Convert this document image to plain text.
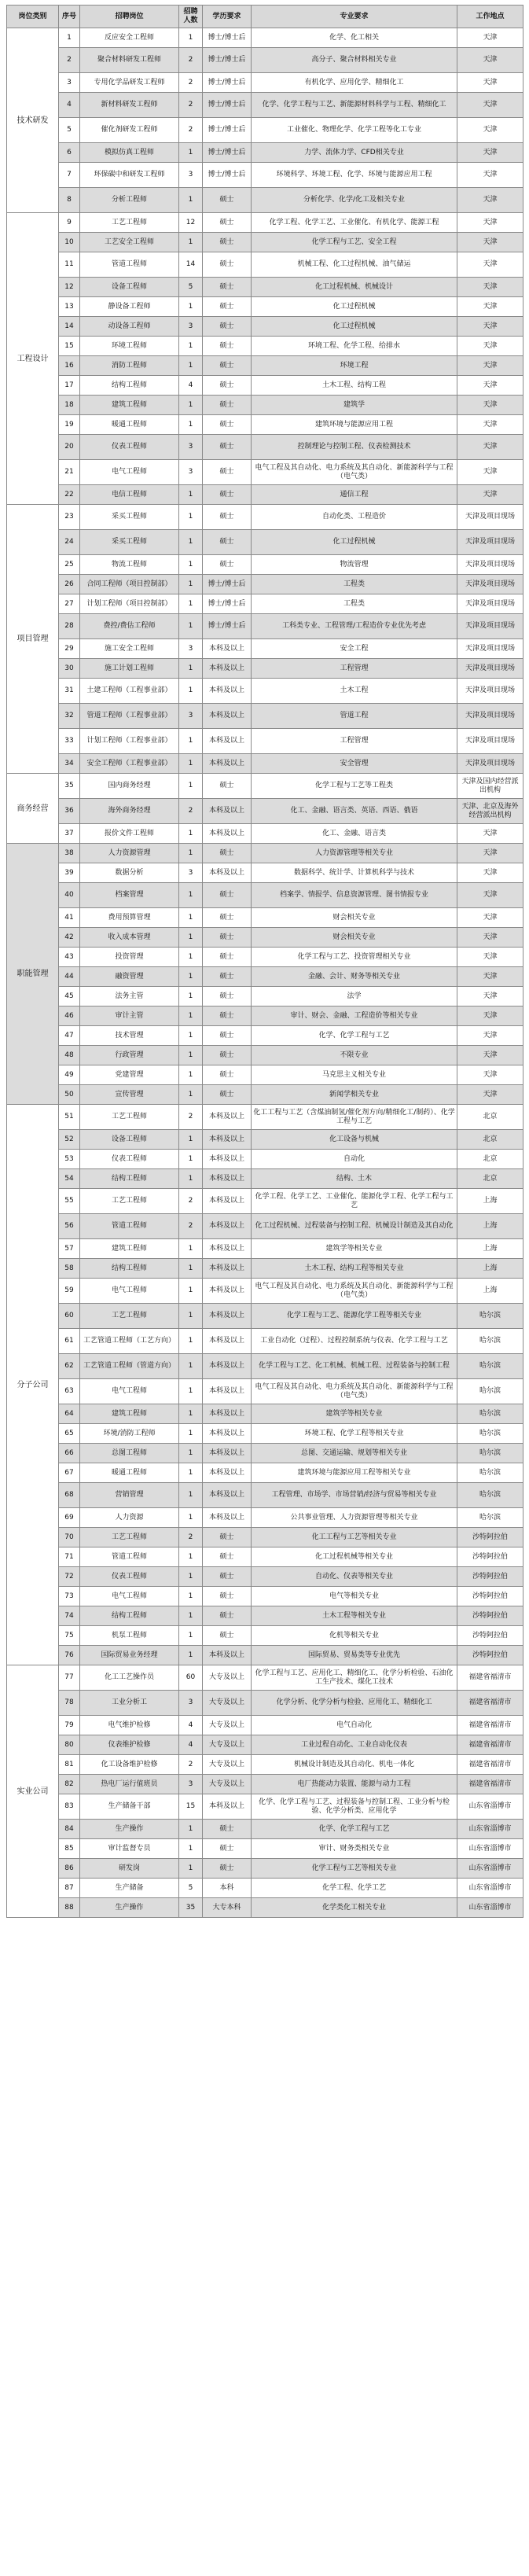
岗位类别	序号	招聘岗位	招聘人数	学历要求	专业要求	工作地点
技术研发	1	反应安全工程师	1	博士/博士后	化学、化工相关	天津
	2	聚合材料研发工程师	2	博士/博士后	高分子、聚合材料相关专业	天津
	3	专用化学品研发工程师	2	博士/博士后	有机化学、应用化学、精细化工	天津
	4	新材料研发工程师	2	博士/博士后	化学、化学工程与工艺、新能源材料科学与工程、精细化工	天津
	5	催化剂研发工程师	2	博士/博士后	工业催化、物理化学、化学工程等化工专业	天津
	6	模拟仿真工程师	1	博士/博士后	力学、流体力学、CFD相关专业	天津
	7	环保碳中和研发工程师	3	博士/博士后	环境科学、环境工程、化学、环境与能源应用工程	天津
	8	分析工程师	1	硕士	分析化学、化学/化工及相关专业	天津
工程设计	9	工艺工程师	12	硕士	化学工程、化学工艺、工业催化、有机化学、能源工程	天津
	10	工艺安全工程师	1	硕士	化学工程与工艺、安全工程	天津
	11	管道工程师	14	硕士	机械工程、化工过程机械、油气储运	天津
	12	设备工程师	5	硕士	化工过程机械、机械设计	天津
	13	静设备工程师	1	硕士	化工过程机械	天津
	14	动设备工程师	3	硕士	化工过程机械	天津
	15	环境工程师	1	硕士	环境工程、化学工程、给排水	天津
	16	消防工程师	1	硕士	环境工程	天津
	17	结构工程师	4	硕士	土木工程、结构工程	天津
	18	建筑工程师	1	硕士	建筑学	天津
	19	暖通工程师	1	硕士	建筑环境与能源应用工程	天津
	20	仪表工程师	3	硕士	控制理论与控制工程、仪表检测技术	天津
	21	电气工程师	3	硕士	电气工程及其自动化、电力系统及其自动化、新能源科学与工程（电气类）	天津
	22	电信工程师	1	硕士	通信工程	天津
项目管理	23	采买工程师	1	硕士	自动化类、工程造价	天津及项目现场
	24	采买工程师	1	硕士	化工过程机械	天津及项目现场
	25	物流工程师	1	硕士	物流管理	天津及项目现场
	26	合同工程师（项目控制部）	1	博士/博士后	工程类	天津及项目现场
	27	计划工程师（项目控制部）	1	博士/博士后	工程类	天津及项目现场
	28	费控/费估工程师	1	博士/博士后	工科类专业、工程管理/工程造价专业优先考虑	天津及项目现场
	29	施工安全工程师	3	本科及以上	安全工程	天津及项目现场
	30	施工计划工程师	1	本科及以上	工程管理	天津及项目现场
	31	土建工程师（工程事业部）	1	本科及以上	土木工程	天津及项目现场
	32	管道工程师（工程事业部）	3	本科及以上	管道工程	天津及项目现场
	33	计划工程师（工程事业部）	1	本科及以上	工程管理	天津及项目现场
	34	安全工程师（工程事业部）	1	本科及以上	安全管理	天津及项目现场
商务经营	35	国内商务经理	1	硕士	化学工程与工艺等工程类	天津及国内经营派出机构
	36	海外商务经理	2	本科及以上	化工、金融、语言类、英语、西语、俄语	天津、北京及海外经营派出机构
	37	报价文件工程师	1	本科及以上	化工、金融、语言类	天津
职能管理	38	人力资源管理	1	硕士	人力资源管理等相关专业	天津
	39	数据分析	3	本科及以上	数据科学、统计学、计算机科学与技术	天津
	40	档案管理	1	硕士	档案学、情报学、信息资源管理、图书情报专业	天津
	41	费用预算管理	1	硕士	财会相关专业	天津
	42	收入成本管理	1	硕士	财会相关专业	天津
	43	投资管理	1	硕士	化学工程与工艺、投资管理相关专业	天津
	44	融资管理	1	硕士	金融、会计、财务等相关专业	天津
	45	法务主管	1	硕士	法学	天津
	46	审计主管	1	硕士	审计、财会、金融、工程造价等相关专业	天津
	47	技术管理	1	硕士	化学、化学工程与工艺	天津
	48	行政管理	1	硕士	不限专业	天津
	49	党建管理	1	硕士	马克思主义相关专业	天津
	50	宣传管理	1	硕士	新闻学相关专业	天津
分子公司	51	工艺工程师	2	本科及以上	化工工程与工艺（含煤油制氢/催化剂方向/精细化工/制药）、化学工程与工艺	北京
	52	设备工程师	1	本科及以上	化工设备与机械	北京
	53	仪表工程师	1	本科及以上	自动化	北京
	54	结构工程师	1	本科及以上	结构、土木	北京
	55	工艺工程师	2	本科及以上	化学工程、化学工艺、工业催化、能源化学工程、化学工程与工艺	上海
	56	管道工程师	2	本科及以上	化工过程机械、过程装备与控制工程、机械设计制造及其自动化	上海
	57	建筑工程师	1	本科及以上	建筑学等相关专业	上海
	58	结构工程师	1	本科及以上	土木工程、结构工程等相关专业	上海
	59	电气工程师	1	本科及以上	电气工程及其自动化、电力系统及其自动化、新能源科学与工程（电气类）	上海
	60	工艺工程师	1	本科及以上	化学工程与工艺、能源化学工程等相关专业	哈尔滨
	61	工艺管道工程师（工艺方向）	1	本科及以上	工业自动化（过程）、过程控制系统与仪表、化学工程与工艺	哈尔滨
	62	工艺管道工程师（管道方向）	1	本科及以上	化学工程与工艺、化工机械、机械工程、过程装备与控制工程	哈尔滨
	63	电气工程师	1	本科及以上	电气工程及其自动化、电力系统及其自动化、新能源科学与工程（电气类）	哈尔滨
	64	建筑工程师	1	本科及以上	建筑学等相关专业	哈尔滨
	65	环境/消防工程师	1	本科及以上	环境工程、化学工程等相关专业	哈尔滨
	66	总图工程师	1	本科及以上	总图、交通运输、规划等相关专业	哈尔滨
	67	暖通工程师	1	本科及以上	建筑环境与能源应用工程等相关专业	哈尔滨
	68	营销管理	1	本科及以上	工程管理、市场学、市场营销/经济与贸易等相关专业	哈尔滨
	69	人力资源	1	本科及以上	公共事业管理、人力资源管理等相关专业	哈尔滨
	70	工艺工程师	2	硕士	化工工程与工艺等相关专业	沙特阿拉伯
	71	管道工程师	1	硕士	化工过程机械等相关专业	沙特阿拉伯
	72	仪表工程师	1	硕士	自动化、仪表等相关专业	沙特阿拉伯
	73	电气工程师	1	硕士	电气等相关专业	沙特阿拉伯
	74	结构工程师	1	硕士	土木工程等相关专业	沙特阿拉伯
	75	机泵工程师	1	硕士	化机等相关专业	沙特阿拉伯
	76	国际贸易业务经理	1	本科及以上	国际贸易、贸易类等专业优先	沙特阿拉伯
实业公司	77	化工工艺操作员	60	大专及以上	化学工程与工艺、应用化工、精细化工、化学分析检验、石油化工生产技术、煤化工技术	福建省福清市
	78	工业分析工	3	大专及以上	化学分析、化学分析与检验、应用化工、精细化工	福建省福清市
	79	电气维护检修	4	大专及以上	电气自动化	福建省福清市
	80	仪表维护检修	4	大专及以上	工业过程自动化、工业自动化仪表	福建省福清市
	81	化工设备维护检修	2	大专及以上	机械设计制造及其自动化、机电一体化	福建省福清市
	82	热电厂运行值班员	3	大专及以上	电厂热能动力装置、能源与动力工程	福建省福清市
	83	生产储备干部	15	本科及以上	化学、化学工程与工艺、过程装备与控制工程、工业分析与检验、化学分析类、应用化学	山东省淄博市
	84	生产操作	1	硕士	化学、化学工程与工艺	山东省淄博市
	85	审计监督专员	1	硕士	审计、财务类相关专业	山东省淄博市
	86	研发岗	1	硕士	化学工程与工艺等相关专业	山东省淄博市
	87	生产储备	5	本科	化学工程、化学工艺	山东省淄博市
	88	生产操作	35	大专本科	化学类化工相关专业	山东省淄博市
